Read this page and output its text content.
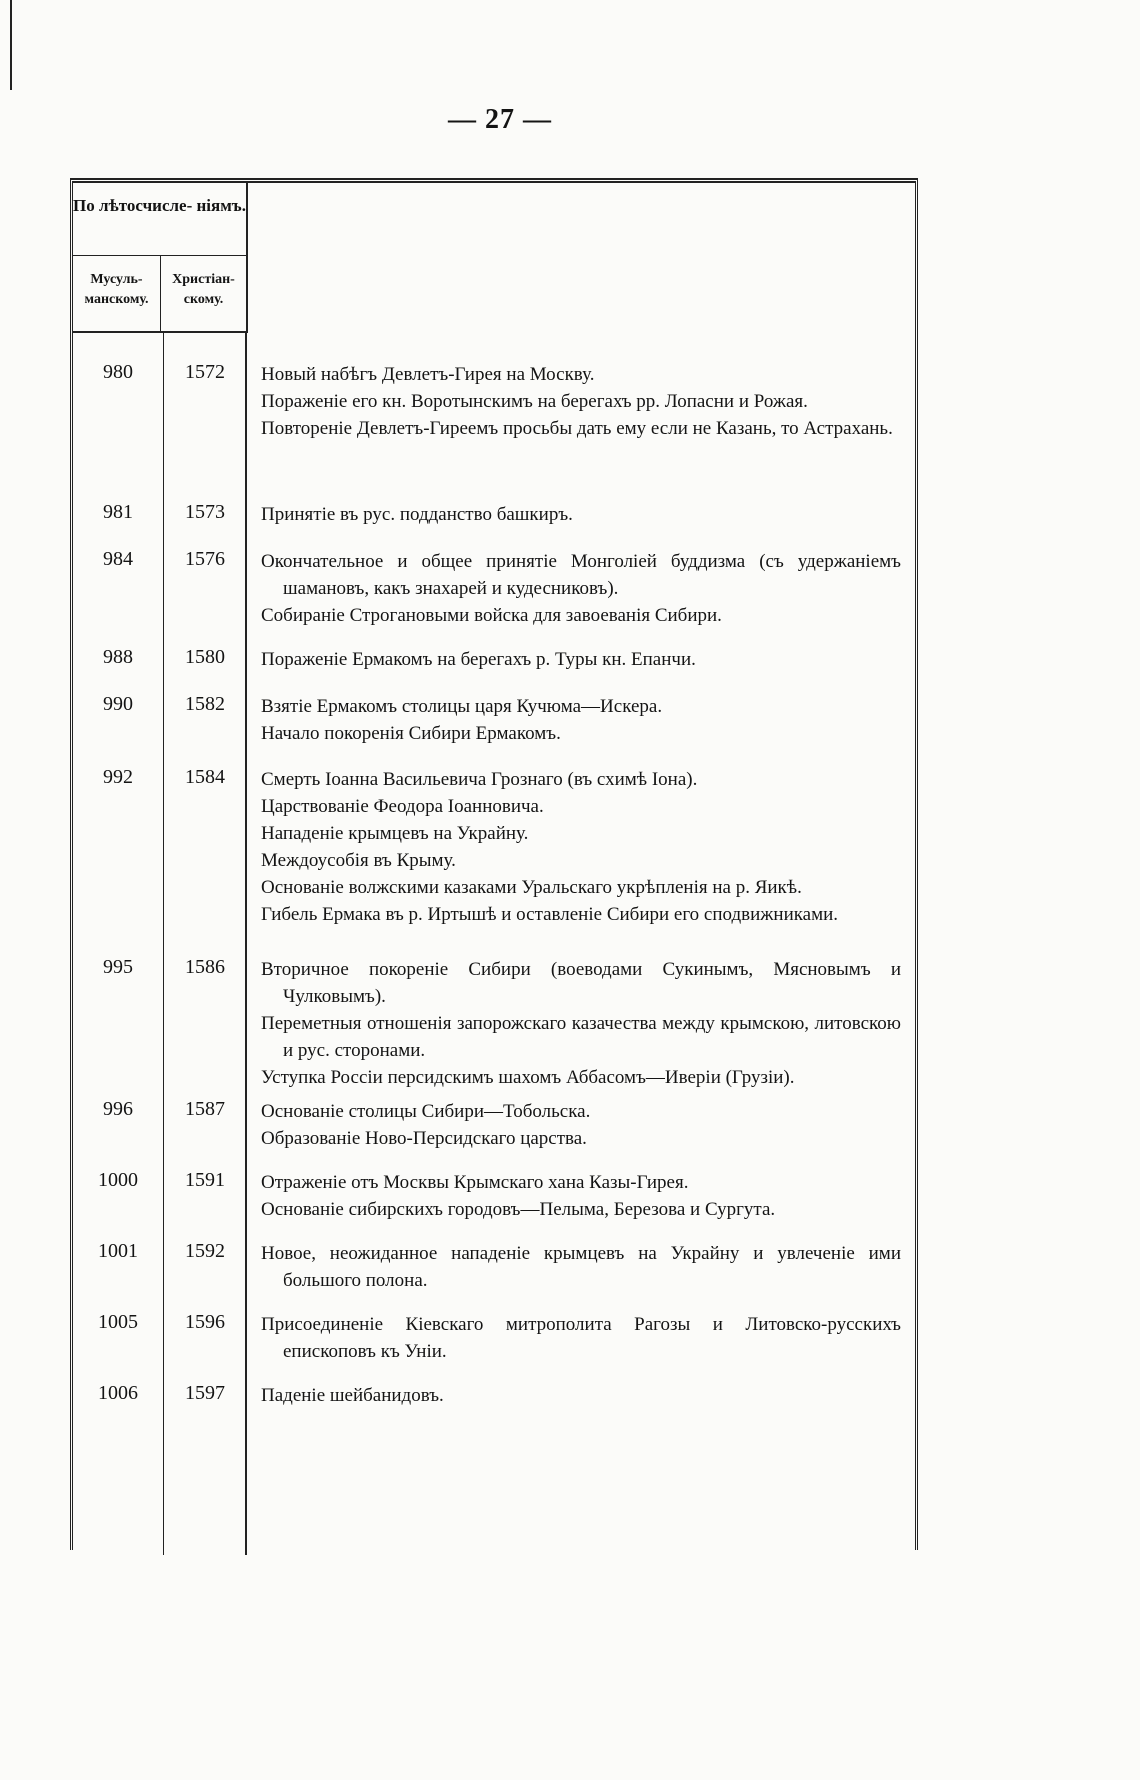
— 27 —
По лѣтосчисле- ніямъ.
Мусуль- манскому.
Христіан- скому.
980	1572	Новый набѣгъ Девлетъ-Гирея на Москву.

Пораженіе его кн. Воротынскимъ на берегахъ рр. Лопасни и Рожая.

Повтореніе Девлетъ-Гиреемъ просьбы дать ему если не Казань, то Астрахань.

981	1573	Принятіе въ рус. подданство башкиръ.

984	1576	Окончательное и общее принятіе Монголіей буддизма (съ удержаніемъ шамановъ, какъ знахарей и кудесниковъ).

Собираніе Строгановыми войска для завоеванія Сибири.

988	1580	Пораженіе Ермакомъ на берегахъ р. Туры кн. Епанчи.

990	1582	Взятіе Ермакомъ столицы царя Кучюма—Искера.

Начало покоренія Сибири Ермакомъ.

992	1584	Смерть Іоанна Васильевича Грознаго (въ схимѣ Іона).

Царствованіе Феодора Іоанновича.

Нападеніе крымцевъ на Украйну.

Междоусобія въ Крыму.

Основаніе волжскими казаками Уральскаго укрѣпленія на р. Яикѣ.

Гибель Ермака въ р. Иртышѣ и оставленіе Сибири его сподвижниками.

995	1586	Вторичное покореніе Сибири (воеводами Сукинымъ, Мясновымъ и Чулковымъ).

Переметныя отношенія запорожскаго казачества между крымскою, литовскою и рус. сторонами.

Уступка Россіи персидскимъ шахомъ Аббасомъ—Иверіи (Грузіи).

996	1587	Основаніе столицы Сибири—Тобольска.

Образованіе Ново-Персидскаго царства.

1000	1591	Отраженіе отъ Москвы Крымскаго хана Казы-Гирея.

Основаніе сибирскихъ городовъ—Пелыма, Березова и Сургута.

1001	1592	Новое, неожиданное нападеніе крымцевъ на Украйну и увлеченіе ими большого полона.

1005	1596	Присоединеніе Кіевскаго митрополита Рагозы и Литовско-русскихъ епископовъ къ Уніи.

1006	1597	Паденіе шейбанидовъ.
